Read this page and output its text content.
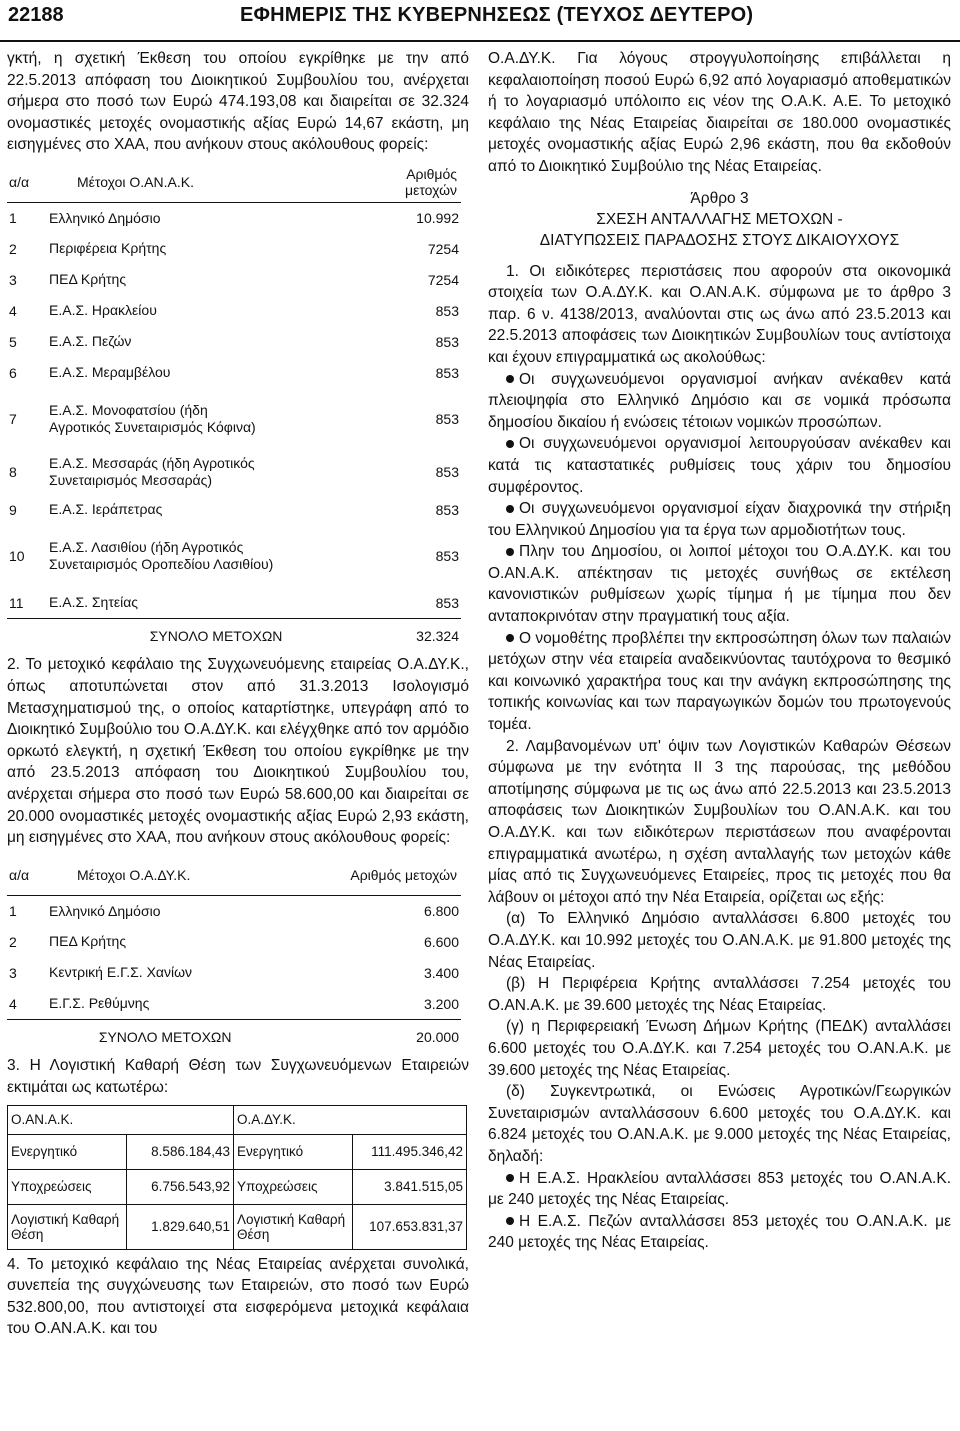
22188	ΕΦΗΜΕΡΙΣ ΤΗΣ ΚΥΒΕΡΝΗΣΕΩΣ (ΤΕΥΧΟΣ ΔΕΥΤΕΡΟ)

γκτή, η σχετική Έκθεση του οποίου εγκρίθηκε με την από 22.5.2013 απόφαση του Διοικητικού Συμβουλίου του, ανέρχεται σήμερα στο ποσό των Ευρώ 474.193,08 και διαιρείται σε 32.324 ονομαστικές μετοχές ονομαστικής αξίας Ευρώ 14,67 εκάστη, μη εισηγμένες στο ΧΑΑ, που ανήκουν στους ακόλουθους φορείς:

α/α	Μέτοχοι Ο.ΑΝ.Α.Κ.	Αριθμός μετοχών
1	Ελληνικό Δημόσιο	10.992
2	Περιφέρεια Κρήτης	7254
3	ΠΕΔ Κρήτης	7254
4	Ε.Α.Σ. Ηρακλείου	853
5	Ε.Α.Σ. Πεζών	853
6	Ε.Α.Σ. Μεραμβέλου	853
7	Ε.Α.Σ. Μονοφατσίου (ήδη Αγροτικός Συνεταιρισμός Κόφινα)	853
8	Ε.Α.Σ. Μεσσαράς (ήδη Αγροτικός Συνεταιρισμός Μεσσαράς)	853
9	Ε.Α.Σ. Ιεράπετρας	853
10	Ε.Α.Σ. Λασιθίου (ήδη Αγροτικός Συνεταιρισμός Οροπεδίου Λασιθίου)	853
11	Ε.Α.Σ. Σητείας	853
	ΣΥΝΟΛΟ ΜΕΤΟΧΩΝ	32.324

2. Το μετοχικό κεφάλαιο της Συγχωνευόμενης εταιρείας Ο.Α.ΔΥ.Κ., όπως αποτυπώνεται στον από 31.3.2013 Ισολογισμό Μετασχηματισμού της, ο οποίος καταρτίστηκε, υπεγράφη από το Διοικητικό Συμβούλιο του Ο.Α.ΔΥ.Κ. και ελέγχθηκε από τον αρμόδιο ορκωτό ελεγκτή, η σχετική Έκθεση του οποίου εγκρίθηκε με την από 23.5.2013 απόφαση του Διοικητικού Συμβουλίου του, ανέρχεται σήμερα στο ποσό των Ευρώ 58.600,00 και διαιρείται σε 20.000 ονομαστικές μετοχές ονομαστικής αξίας Ευρώ 2,93 εκάστη, μη εισηγμένες στο ΧΑΑ, που ανήκουν στους ακόλουθους φορείς:

α/α	Μέτοχοι Ο.Α.ΔΥ.Κ.	Αριθμός μετοχών
1	Ελληνικό Δημόσιο	6.800
2	ΠΕΔ Κρήτης	6.600
3	Κεντρική Ε.Γ.Σ. Χανίων	3.400
4	Ε.Γ.Σ. Ρεθύμνης	3.200
	ΣΥΝΟΛΟ ΜΕΤΟΧΩΝ	20.000

3. Η Λογιστική Καθαρή Θέση των Συγχωνευόμενων Εταιρειών εκτιμάται ως κατωτέρω:

Ο.ΑΝ.Α.Κ.		Ο.Α.ΔΥ.Κ.	
Ενεργητικό	8.586.184,43	Ενεργητικό	111.495.346,42
Υποχρεώσεις	6.756.543,92	Υποχρεώσεις	3.841.515,05
Λογιστική Καθαρή Θέση	1.829.640,51	Λογιστική Καθαρή Θέση	107.653.831,37

4. Το μετοχικό κεφάλαιο της Νέας Εταιρείας ανέρχεται συνολικά, συνεπεία της συγχώνευσης των Εταιρειών, στο ποσό των Ευρώ 532.800,00, που αντιστοιχεί στα εισφερόμενα μετοχικά κεφάλαια του Ο.ΑΝ.Α.Κ. και του

Ο.Α.ΔΥ.Κ. Για λόγους στρογγυλοποίησης επιβάλλεται η κεφαλαιοποίηση ποσού Ευρώ 6,92 από λογαριασμό αποθεματικών ή το λογαριασμό υπόλοιπο εις νέον της Ο.Α.Κ. Α.Ε. Το μετοχικό κεφάλαιο της Νέας Εταιρείας διαιρείται σε 180.000 ονομαστικές μετοχές ονομαστικής αξίας Ευρώ 2,96 εκάστη, που θα εκδοθούν από το Διοικητικό Συμβούλιο της Νέας Εταιρείας.

Άρθρο 3
ΣΧΕΣΗ ΑΝΤΑΛΛΑΓΗΣ ΜΕΤΟΧΩΝ -
ΔΙΑΤΥΠΩΣΕΙΣ ΠΑΡΑΔΟΣΗΣ ΣΤΟΥΣ ΔΙΚΑΙΟΥΧΟΥΣ

1. Οι ειδικότερες περιστάσεις που αφορούν στα οικονομικά στοιχεία των Ο.Α.ΔΥ.Κ. και Ο.ΑΝ.Α.Κ. σύμφωνα με το άρθρο 3 παρ. 6 ν. 4138/2013, αναλύονται στις ως άνω από 23.5.2013 και 22.5.2013 αποφάσεις των Διοικητικών Συμβουλίων τους αντίστοιχα και έχουν επιγραμματικά ως ακολούθως:

Οι συγχωνευόμενοι οργανισμοί ανήκαν ανέκαθεν κατά πλειοψηφία στο Ελληνικό Δημόσιο και σε νομικά πρόσωπα δημοσίου δικαίου ή ενώσεις τέτοιων νομικών προσώπων.

Οι συγχωνευόμενοι οργανισμοί λειτουργούσαν ανέκαθεν και κατά τις καταστατικές ρυθμίσεις τους χάριν του δημοσίου συμφέροντος.

Οι συγχωνευόμενοι οργανισμοί είχαν διαχρονικά την στήριξη του Ελληνικού Δημοσίου για τα έργα των αρμοδιοτήτων τους.

Πλην του Δημοσίου, οι λοιποί μέτοχοι του Ο.Α.ΔΥ.Κ. και του Ο.ΑΝ.Α.Κ. απέκτησαν τις μετοχές συνήθως σε εκτέλεση κανονιστικών ρυθμίσεων χωρίς τίμημα ή με τίμημα που δεν ανταποκρινόταν στην πραγματική τους αξία.

Ο νομοθέτης προβλέπει την εκπροσώπηση όλων των παλαιών μετόχων στην νέα εταιρεία αναδεικνύοντας ταυτόχρονα το θεσμικό και κοινωνικό χαρακτήρα τους και την ανάγκη εκπροσώπησης της τοπικής κοινωνίας και των παραγωγικών δομών του πρωτογενούς τομέα.

2. Λαμβανομένων υπ' όψιν των Λογιστικών Καθαρών Θέσεων σύμφωνα με την ενότητα ΙΙ 3 της παρούσας, της μεθόδου αποτίμησης σύμφωνα με τις ως άνω από 22.5.2013 και 23.5.2013 αποφάσεις των Διοικητικών Συμβουλίων του Ο.ΑΝ.Α.Κ. και του Ο.Α.ΔΥ.Κ. και των ειδικότερων περιστάσεων που αναφέρονται επιγραμματικά ανωτέρω, η σχέση ανταλλαγής των μετοχών κάθε μίας από τις Συγχωνευόμενες Εταιρείες, προς τις μετοχές που θα λάβουν οι μέτοχοι από την Νέα Εταιρεία, ορίζεται ως εξής:

(α) Το Ελληνικό Δημόσιο ανταλλάσσει 6.800 μετοχές του Ο.Α.ΔΥ.Κ. και 10.992 μετοχές του Ο.ΑΝ.Α.Κ. με 91.800 μετοχές της Νέας Εταιρείας.

(β) Η Περιφέρεια Κρήτης ανταλλάσσει 7.254 μετοχές του Ο.ΑΝ.Α.Κ. με 39.600 μετοχές της Νέας Εταιρείας.

(γ) η Περιφερειακή Ένωση Δήμων Κρήτης (ΠΕΔΚ) ανταλλάσει 6.600 μετοχές του Ο.Α.ΔΥ.Κ. και 7.254 μετοχές του Ο.ΑΝ.Α.Κ. με 39.600 μετοχές της Νέας Εταιρείας.

(δ) Συγκεντρωτικά, οι Ενώσεις Αγροτικών/Γεωργικών Συνεταιρισμών ανταλλάσσουν 6.600 μετοχές του Ο.Α.ΔΥ.Κ. και 6.824 μετοχές του Ο.ΑΝ.Α.Κ. με 9.000 μετοχές της Νέας Εταιρείας, δηλαδή:

Η Ε.Α.Σ. Ηρακλείου ανταλλάσσει 853 μετοχές του Ο.ΑΝ.Α.Κ. με 240 μετοχές της Νέας Εταιρείας.

Η Ε.Α.Σ. Πεζών ανταλλάσσει 853 μετοχές του Ο.ΑΝ.Α.Κ. με 240 μετοχές της Νέας Εταιρείας.
